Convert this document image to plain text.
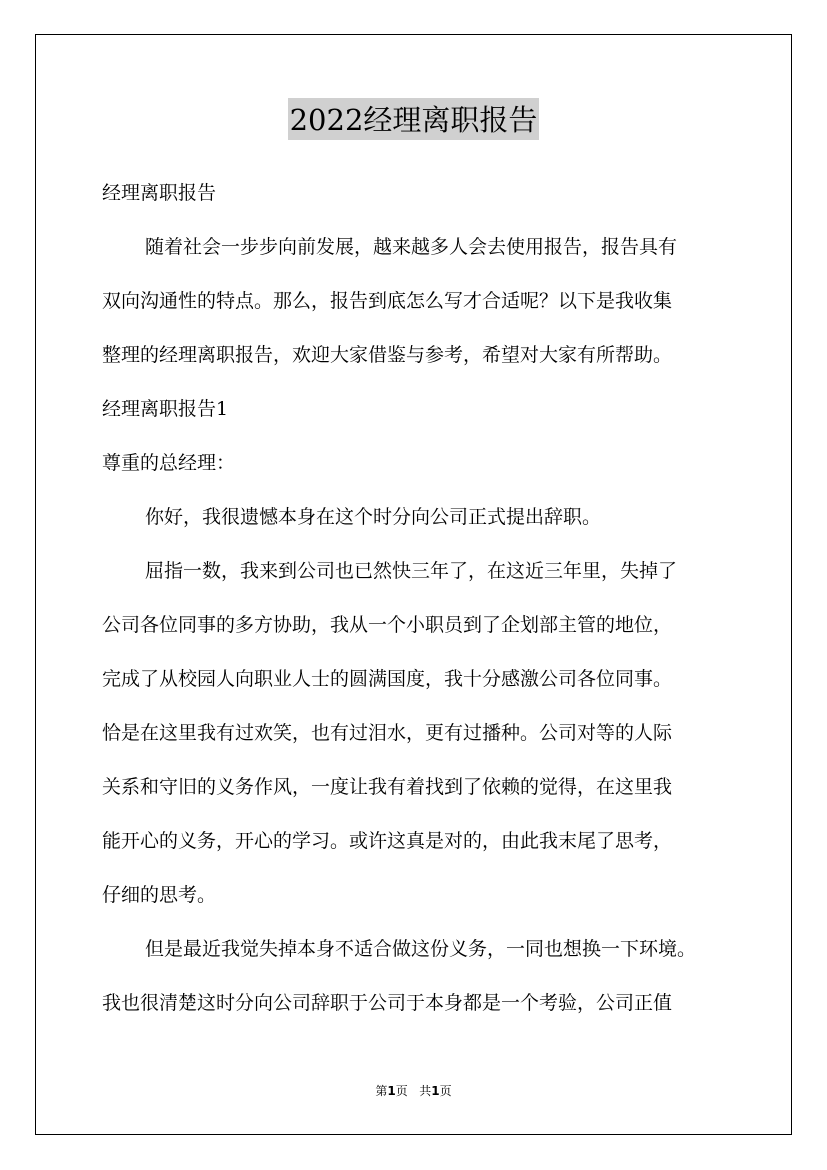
2022经理离职报告
经理离职报告
随着社会一步步向前发展，越来越多人会去使用报告，报告具有
双向沟通性的特点。那么，报告到底怎么写才合适呢？以下是我收集
整理的经理离职报告，欢迎大家借鉴与参考，希望对大家有所帮助。
经理离职报告1
尊重的总经理：
你好，我很遗憾本身在这个时分向公司正式提出辞职。
屈指一数，我来到公司也已然快三年了，在这近三年里，失掉了
公司各位同事的多方协助，我从一个小职员到了企划部主管的地位，
完成了从校园人向职业人士的圆满国度，我十分感激公司各位同事。
恰是在这里我有过欢笑，也有过泪水，更有过播种。公司对等的人际
关系和守旧的义务作风，一度让我有着找到了依赖的觉得，在这里我
能开心的义务，开心的学习。或许这真是对的，由此我末尾了思考，
仔细的思考。
但是最近我觉失掉本身不适合做这份义务，一同也想换一下环境。
我也很清楚这时分向公司辞职于公司于本身都是一个考验，公司正值
第1页 共1页
